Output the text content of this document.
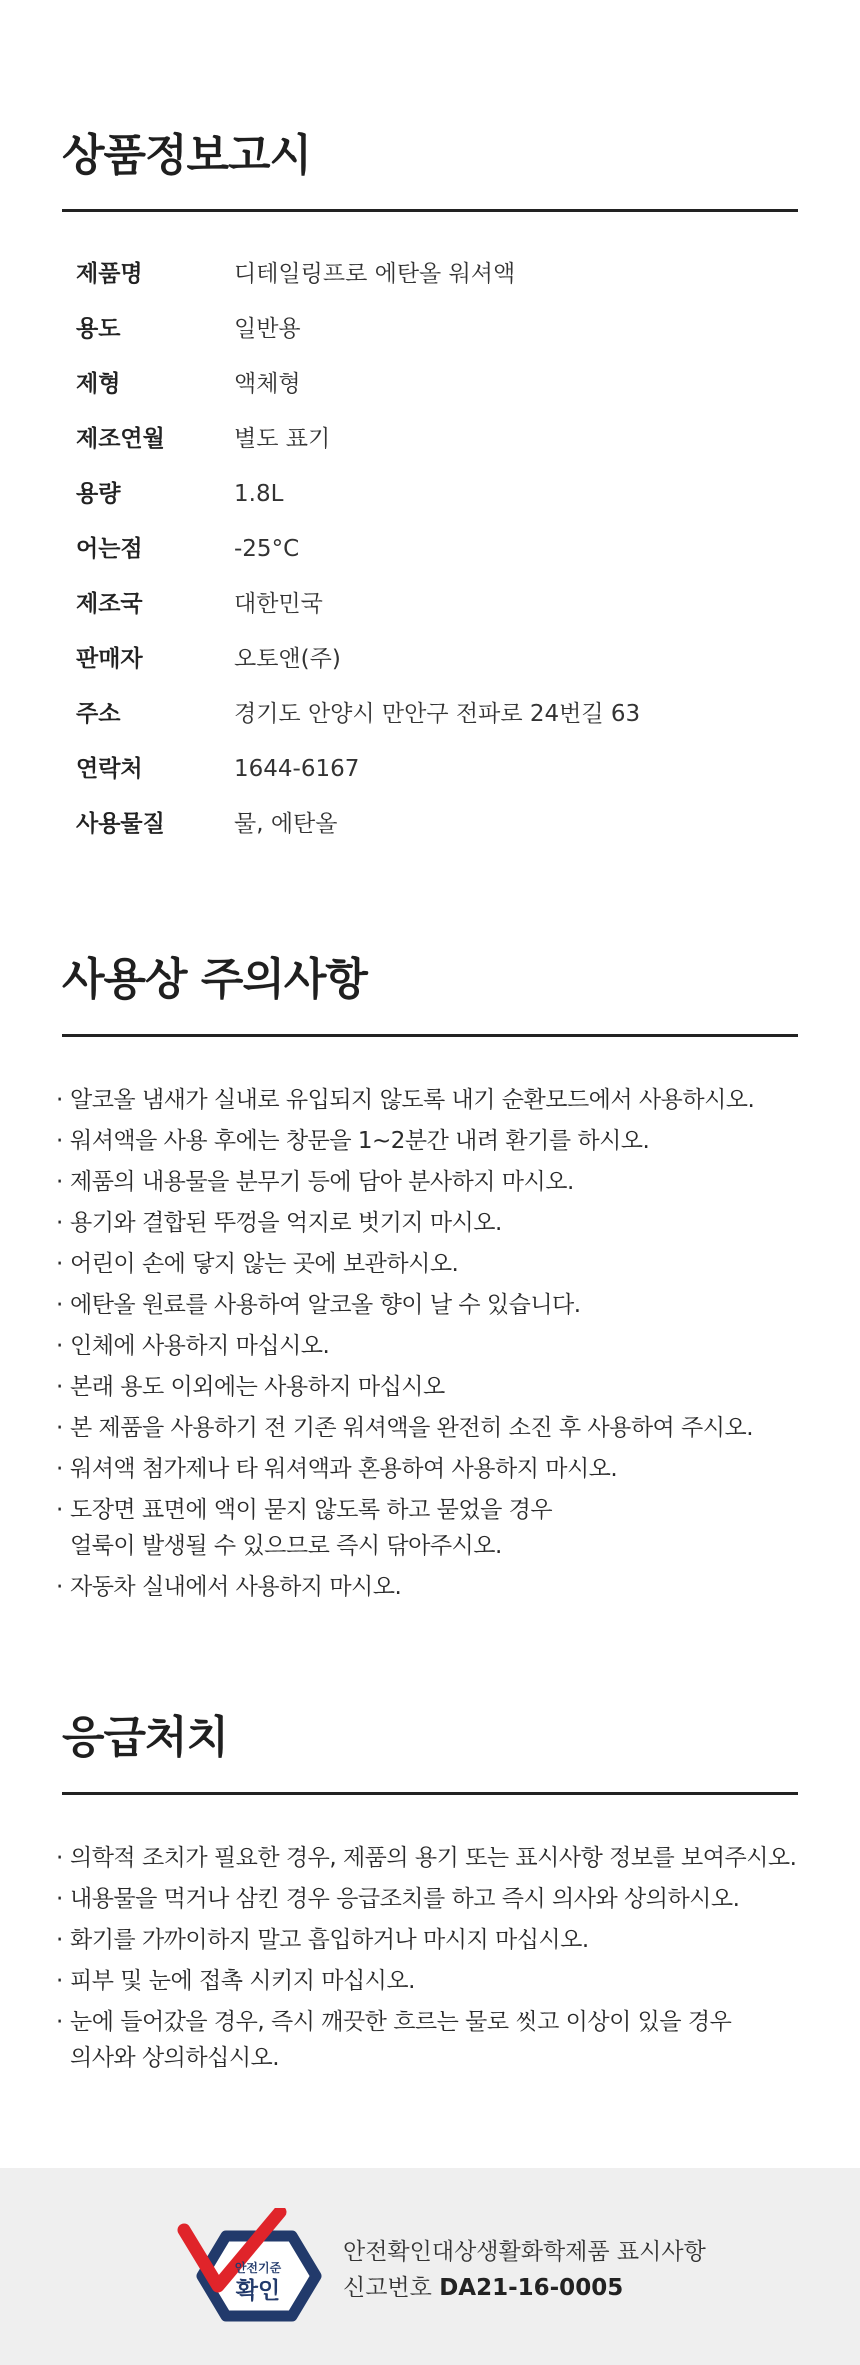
상품정보고시
제품명	디테일링프로 에탄올 워셔액
용도	일반용
제형	액체형
제조연월	별도 표기
용량	1.8L
어는점	-25°C
제조국	대한민국
판매자	오토앤(주)
주소	경기도 안양시 만안구 전파로 24번길 63
연락처	1644-6167
사용물질	물, 에탄올
사용상 주의사항
· 알코올 냄새가 실내로 유입되지 않도록 내기 순환모드에서 사용하시오.
· 워셔액을 사용 후에는 창문을 1~2분간 내려 환기를 하시오.
· 제품의 내용물을 분무기 등에 담아 분사하지 마시오.
· 용기와 결합된 뚜껑을 억지로 벗기지 마시오.
· 어린이 손에 닿지 않는 곳에 보관하시오.
· 에탄올 원료를 사용하여 알코올 향이 날 수 있습니다.
· 인체에 사용하지 마십시오.
· 본래 용도 이외에는 사용하지 마십시오
· 본 제품을 사용하기 전 기존 워셔액을 완전히 소진 후 사용하여 주시오.
· 워셔액 첨가제나 타 워셔액과 혼용하여 사용하지 마시오.
· 도장면 표면에 액이 묻지 않도록 하고 묻었을 경우
얼룩이 발생될 수 있으므로 즉시 닦아주시오.
· 자동차 실내에서 사용하지 마시오.
응급처치
· 의학적 조치가 필요한 경우, 제품의 용기 또는 표시사항 정보를 보여주시오.
· 내용물을 먹거나 삼킨 경우 응급조치를 하고 즉시 의사와 상의하시오.
· 화기를 가까이하지 말고 흡입하거나 마시지 마십시오.
· 피부 및 눈에 접촉 시키지 마십시오.
· 눈에 들어갔을 경우, 즉시 깨끗한 흐르는 물로 씻고 이상이 있을 경우
의사와 상의하십시오.
안전기준
확인
안전확인대상생활화학제품 표시사항
신고번호 DA21-16-0005
